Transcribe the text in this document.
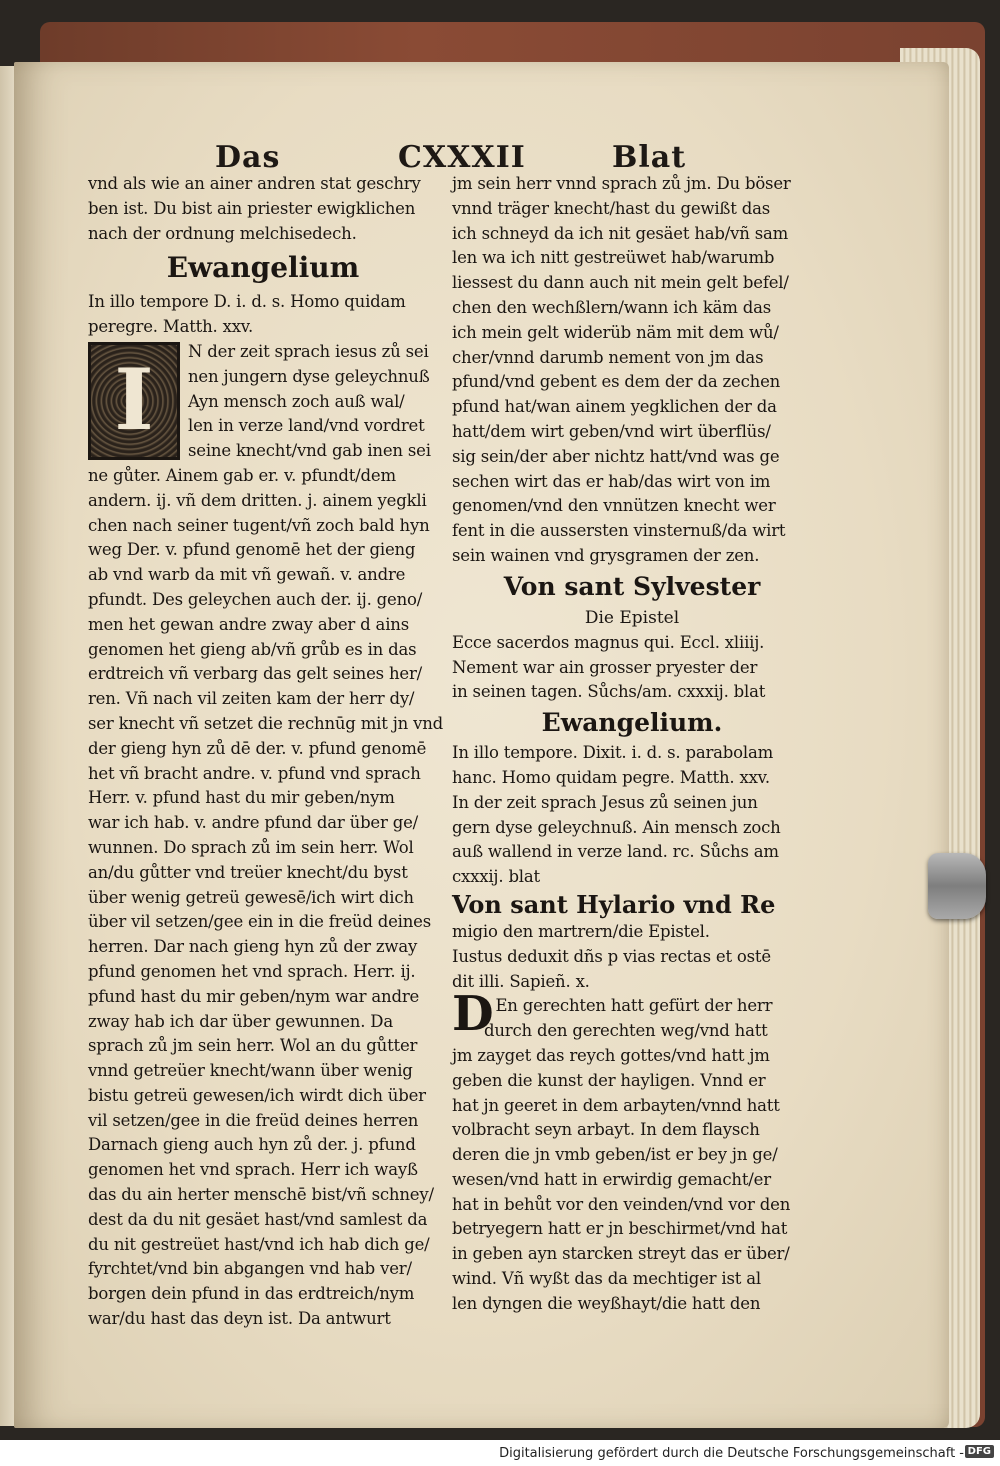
Das	CXXXII	Blat
vnd als wie an ainer andren stat geschry
ben ist. Du bist ain priester ewigklichen
nach der ordnung melchisedech.
Ewangelium
In illo tempore D. i. d. s. Homo quidam
peregre. Matth. xxv.
I	N der zeit sprach iesus zů sei
nen jungern dyse geleychnuß
Ayn mensch zoch auß wal/
len in verze land/vnd vordret
seine knecht/vnd gab inen sei
ne gůter. Ainem gab er. v. pfundt/dem
andern. ij. vñ dem dritten. j. ainem yegkli
chen nach seiner tugent/vñ zoch bald hyn
weg Der. v. pfund genomē het der gieng
ab vnd warb da mit vñ gewañ. v. andre
pfundt. Des geleychen auch der. ij. geno/
men het gewan andre zway aber d ains
genomen het gieng ab/vñ grůb es in das
erdtreich vñ verbarg das gelt seines her/
ren. Vñ nach vil zeiten kam der herr dy/
ser knecht vñ setzet die rechnūg mit jn vnd
der gieng hyn zů dē der. v. pfund genomē
het vñ bracht andre. v. pfund vnd sprach
Herr. v. pfund hast du mir geben/nym
war ich hab. v. andre pfund dar über ge/
wunnen. Do sprach zů im sein herr. Wol
an/du gůtter vnd treüer knecht/du byst
über wenig getreü gewesē/ich wirt dich
über vil setzen/gee ein in die freüd deines
herren. Dar nach gieng hyn zů der zway
pfund genomen het vnd sprach. Herr. ij.
pfund hast du mir geben/nym war andre
zway hab ich dar über gewunnen. Da
sprach zů jm sein herr. Wol an du gůtter
vnnd getreüer knecht/wann über wenig
bistu getreü gewesen/ich wirdt dich über
vil setzen/gee in die freüd deines herren
Darnach gieng auch hyn zů der. j. pfund
genomen het vnd sprach. Herr ich wayß
das du ain herter menschē bist/vñ schney/
dest da du nit gesäet hast/vnd samlest da
du nit gestreüet hast/vnd ich hab dich ge/
fyrchtet/vnd bin abgangen vnd hab ver/
borgen dein pfund in das erdtreich/nym
war/du hast das deyn ist. Da antwurt
jm sein herr vnnd sprach zů jm. Du böser
vnnd träger knecht/hast du gewißt das
ich schneyd da ich nit gesäet hab/vñ sam
len wa ich nitt gestreüwet hab/warumb
liessest du dann auch nit mein gelt befel/
chen den wechßlern/wann ich käm das
ich mein gelt widerüb näm mit dem wů/
cher/vnnd darumb nement von jm das
pfund/vnd gebent es dem der da zechen
pfund hat/wan ainem yegklichen der da
hatt/dem wirt geben/vnd wirt überflüs/
sig sein/der aber nichtz hatt/vnd was ge
sechen wirt das er hab/das wirt von im
genomen/vnd den vnnützen knecht wer
fent in die aussersten vinsternuß/da wirt
sein wainen vnd grysgramen der zen.
Von sant Sylvester
Die Epistel
Ecce sacerdos magnus qui. Eccl. xliiij.
Nement war ain grosser pryester der
in seinen tagen. Sůchs/am. cxxxij. blat
Ewangelium.
In illo tempore. Dixit. i. d. s. parabolam
hanc. Homo quidam pegre. Matth. xxv.
In der zeit sprach Jesus zů seinen jun
gern dyse geleychnuß. Ain mensch zoch
auß wallend in verze land. rc. Sůchs am
cxxxij. blat
Von sant Hylario vnd Re
migio den martrern/die Epistel.
Iustus deduxit dñs p vias rectas et ostē
dit illi. Sapieñ. x.
D En gerechten hatt gefürt der herr
durch den gerechten weg/vnd hatt
jm zayget das reych gottes/vnd hatt jm
geben die kunst der hayligen. Vnnd er
hat jn geeret in dem arbayten/vnnd hatt
volbracht seyn arbayt. In dem flaysch
deren die jn vmb geben/ist er bey jn ge/
wesen/vnd hatt in erwirdig gemacht/er
hat in behůt vor den veinden/vnd vor den
betryegern hatt er jn beschirmet/vnd hat
in geben ayn starcken streyt das er über/
wind. Vñ wyßt das da mechtiger ist al
len dyngen die weyßhayt/die hatt den
Digitalisierung gefördert durch die Deutsche Forschungsgemeinschaft - DFG
